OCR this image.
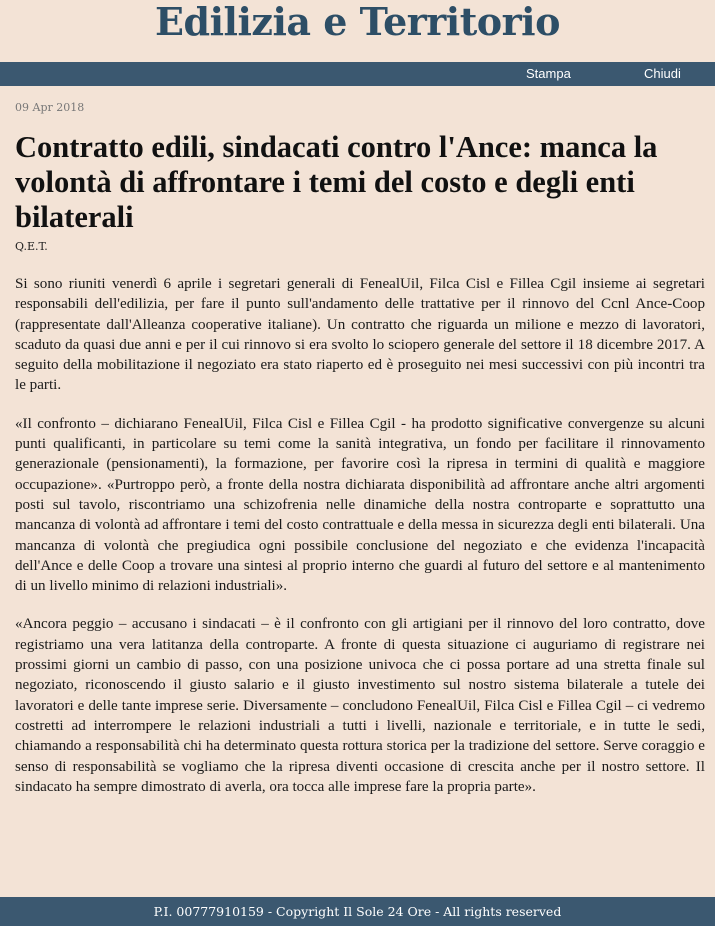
Edilizia e Territorio
Stampa	Chiudi
09 Apr 2018
Contratto edili, sindacati contro l'Ance: manca la volontà di affrontare i temi del costo e degli enti bilaterali
Q.E.T.

Si sono riuniti venerdì 6 aprile i segretari generali di FenealUil, Filca Cisl e Fillea Cgil insieme ai segretari responsabili dell'edilizia, per fare il punto sull'andamento delle trattative per il rinnovo del Ccnl Ance-Coop (rappresentate dall'Alleanza cooperative italiane). Un contratto che riguarda un milione e mezzo di lavoratori, scaduto da quasi due anni e per il cui rinnovo si era svolto lo sciopero generale del settore il 18 dicembre 2017. A seguito della mobilitazione il negoziato era stato riaperto ed è proseguito nei mesi successivi con più incontri tra le parti.

«Il confronto – dichiarano FenealUil, Filca Cisl e Fillea Cgil - ha prodotto significative convergenze su alcuni punti qualificanti, in particolare su temi come la sanità integrativa, un fondo per facilitare il rinnovamento generazionale (pensionamenti), la formazione, per favorire così la ripresa in termini di qualità e maggiore occupazione». «Purtroppo però, a fronte della nostra dichiarata disponibilità ad affrontare anche altri argomenti posti sul tavolo, riscontriamo una schizofrenia nelle dinamiche della nostra controparte e soprattutto una mancanza di volontà ad affrontare i temi del costo contrattuale e della messa in sicurezza degli enti bilaterali. Una mancanza di volontà che pregiudica ogni possibile conclusione del negoziato e che evidenza l'incapacità dell'Ance e delle Coop a trovare una sintesi al proprio interno che guardi al futuro del settore e al mantenimento di un livello minimo di relazioni industriali».

«Ancora peggio – accusano i sindacati – è il confronto con gli artigiani per il rinnovo del loro contratto, dove registriamo una vera latitanza della controparte. A fronte di questa situazione ci auguriamo di registrare nei prossimi giorni un cambio di passo, con una posizione univoca che ci possa portare ad una stretta finale sul negoziato, riconoscendo il giusto salario e il giusto investimento sul nostro sistema bilaterale a tutele dei lavoratori e delle tante imprese serie. Diversamente – concludono FenealUil, Filca Cisl e Fillea Cgil – ci vedremo costretti ad interrompere le relazioni industriali a tutti i livelli, nazionale e territoriale, e in tutte le sedi, chiamando a responsabilità chi ha determinato questa rottura storica per la tradizione del settore. Serve coraggio e senso di responsabilità se vogliamo che la ripresa diventi occasione di crescita anche per il nostro settore. Il sindacato ha sempre dimostrato di averla, ora tocca alle imprese fare la propria parte».

P.I. 00777910159 - Copyright Il Sole 24 Ore - All rights reserved
